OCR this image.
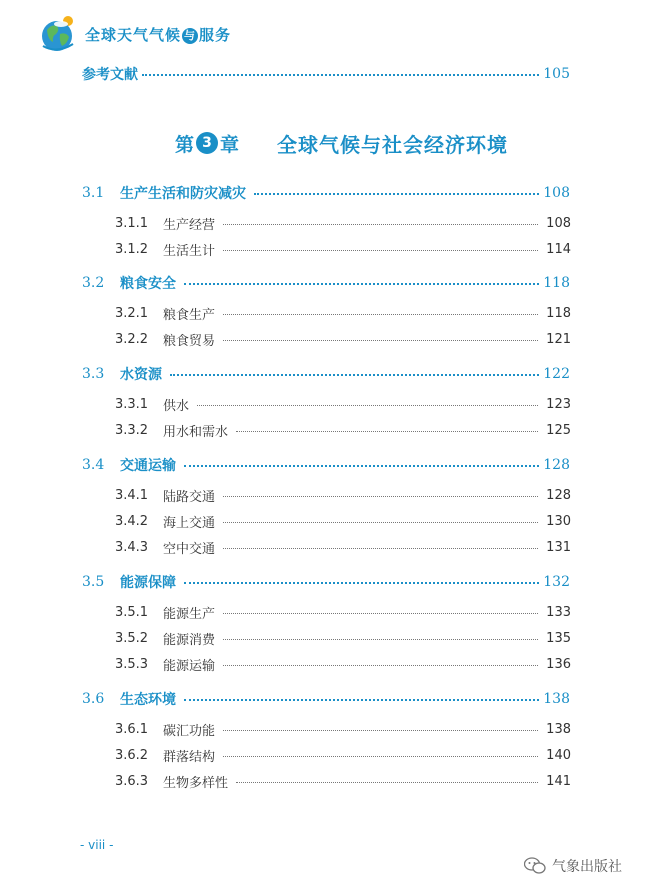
全球天气气候 与 服务
参考文献	105
第 3 章 全球气候与社会经济环境
3.1	生产生活和防灾减灾	108
3.1.1	生产经营	108
3.1.2	生活生计	114
3.2	粮食安全	118
3.2.1	粮食生产	118
3.2.2	粮食贸易	121
3.3	水资源	122
3.3.1	供水	123
3.3.2	用水和需水	125
3.4	交通运输	128
3.4.1	陆路交通	128
3.4.2	海上交通	130
3.4.3	空中交通	131
3.5	能源保障	132
3.5.1	能源生产	133
3.5.2	能源消费	135
3.5.3	能源运输	136
3.6	生态环境	138
3.6.1	碳汇功能	138
3.6.2	群落结构	140
3.6.3	生物多样性	141
- viii -
气象出版社
